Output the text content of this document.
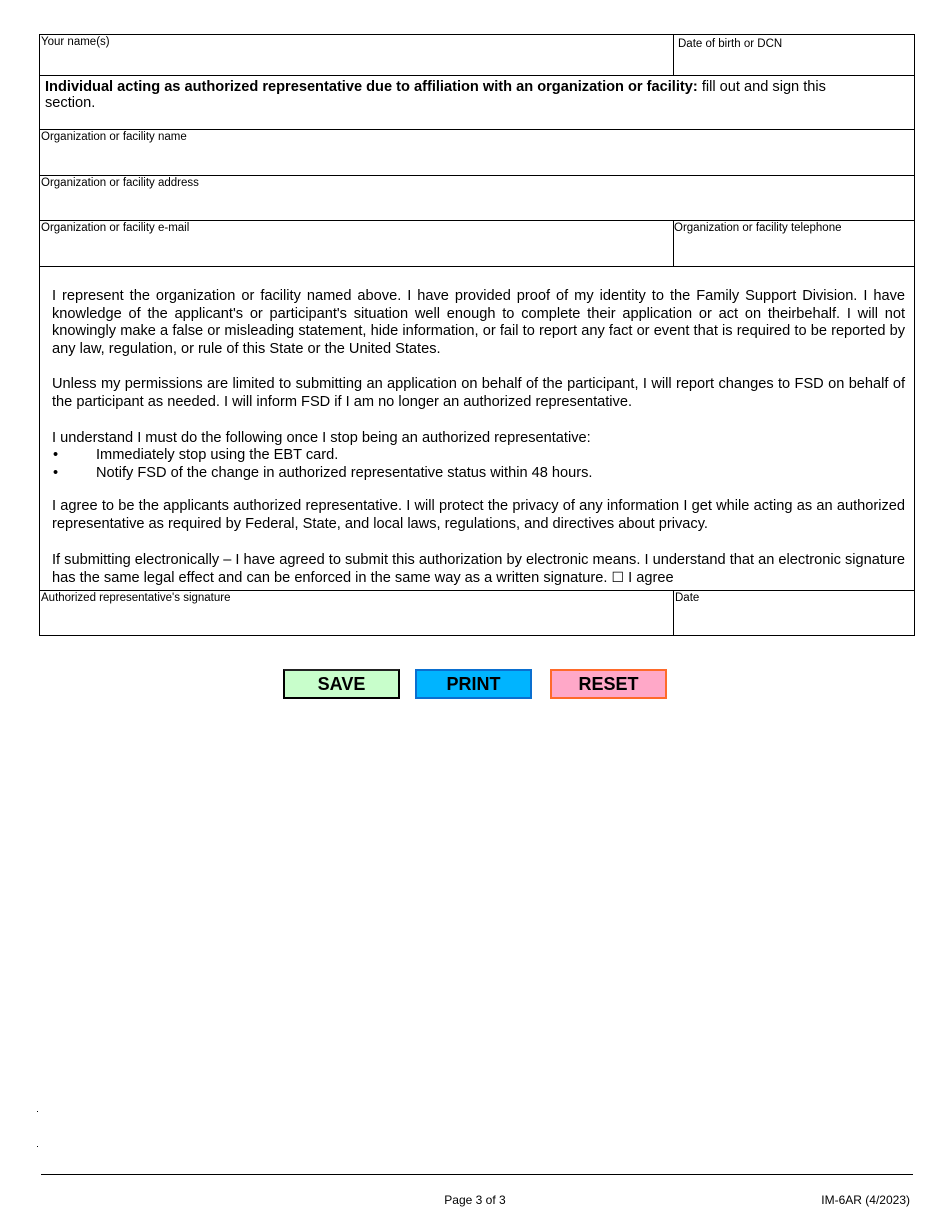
Your name(s)	Date of birth or DCN
Individual acting as authorized representative due to affiliation with an organization or facility: fill out and sign this section.
Organization or facility name
Organization or facility address
Organization or facility e-mail	Organization or facility telephone

I represent the organization or facility named above. I have provided proof of my identity to the Family Support Division. I have knowledge of the applicant's or participant's situation well enough to complete their application or act on theirbehalf. I will not knowingly make a false or misleading statement, hide information, or fail to report any fact or event that is required to be reported by any law, regulation, or rule of this State or the United States.

Unless my permissions are limited to submitting an application on behalf of the participant, I will report changes to FSD on behalf of the participant as needed. I will inform FSD if I am no longer an authorized representative.

I understand I must do the following once I stop being an authorized representative:

• Immediately stop using the EBT card.
• Notify FSD of the change in authorized representative status within 48 hours.

I agree to be the applicants authorized representative. I will protect the privacy of any information I get while acting as an authorized representative as required by Federal, State, and local laws, regulations, and directives about privacy.

If submitting electronically – I have agreed to submit this authorization by electronic means. I understand that an electronic signature has the same legal effect and can be enforced in the same way as a written signature. ☐ I agree

Authorized representative's signature	Date
SAVE	PRINT	RESET
Page 3 of 3	IM-6AR (4/2023)
